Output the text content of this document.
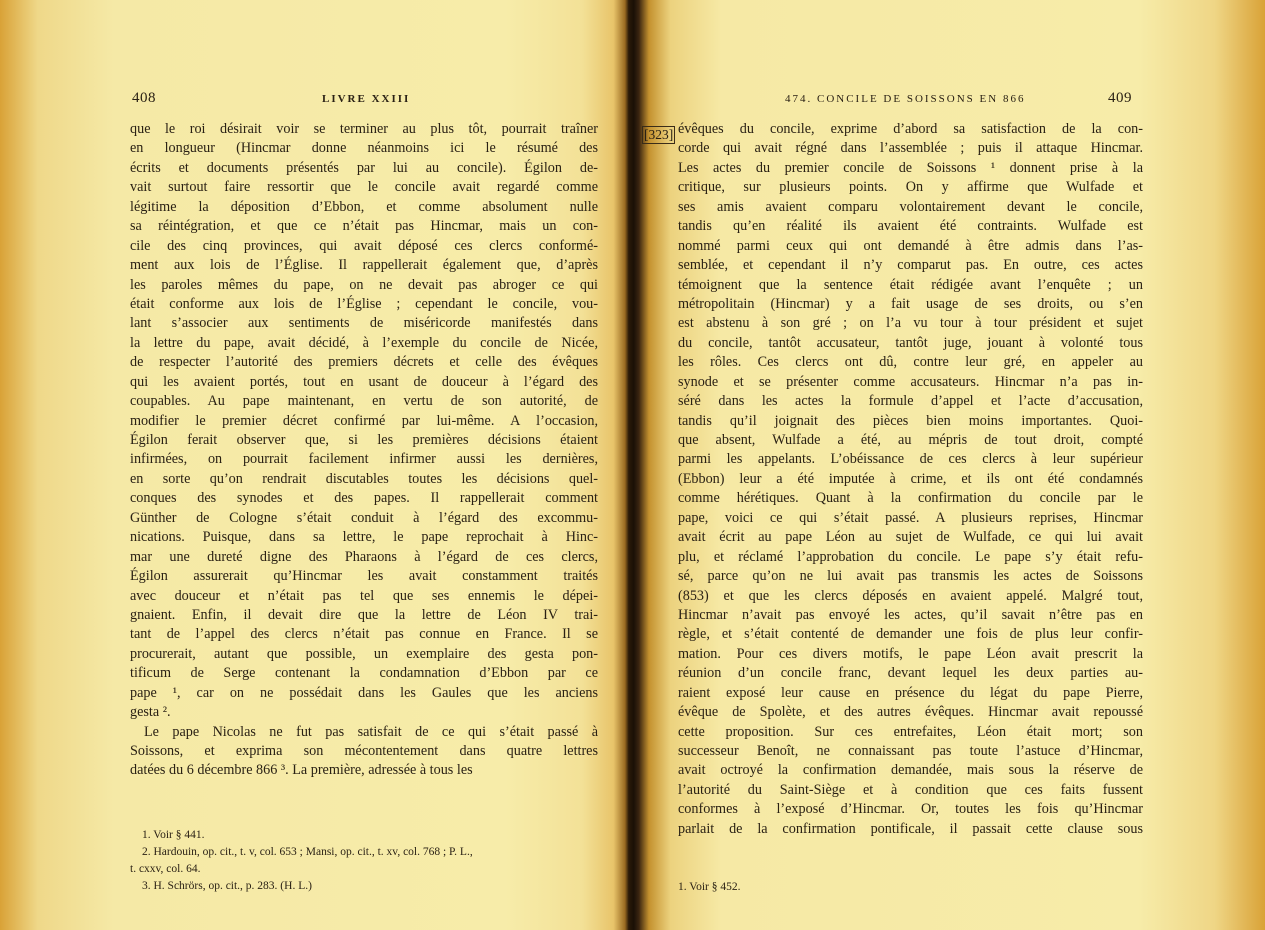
408	LIVRE XXIII
que le roi désirait voir se terminer au plus tôt, pourrait traîner
en longueur (Hincmar donne néanmoins ici le résumé des
écrits et documents présentés par lui au concile). Égilon de-
vait surtout faire ressortir que le concile avait regardé comme
légitime la déposition d’Ebbon, et comme absolument nulle
sa réintégration, et que ce n’était pas Hincmar, mais un con-
cile des cinq provinces, qui avait déposé ces clercs conformé-
ment aux lois de l’Église. Il rappellerait également que, d’après
les paroles mêmes du pape, on ne devait pas abroger ce qui
était conforme aux lois de l’Église ; cependant le concile, vou-
lant s’associer aux sentiments de miséricorde manifestés dans
la lettre du pape, avait décidé, à l’exemple du concile de Nicée,
de respecter l’autorité des premiers décrets et celle des évêques
qui les avaient portés, tout en usant de douceur à l’égard des
coupables. Au pape maintenant, en vertu de son autorité, de
modifier le premier décret confirmé par lui-même. A l’occasion,
Égilon ferait observer que, si les premières décisions étaient
infirmées, on pourrait facilement infirmer aussi les dernières,
en sorte qu’on rendrait discutables toutes les décisions quel-
conques des synodes et des papes. Il rappellerait comment
Günther de Cologne s’était conduit à l’égard des excommu-
nications. Puisque, dans sa lettre, le pape reprochait à Hinc-
mar une dureté digne des Pharaons à l’égard de ces clercs,
Égilon assurerait qu’Hincmar les avait constamment traités
avec douceur et n’était pas tel que ses ennemis le dépei-
gnaient. Enfin, il devait dire que la lettre de Léon IV trai-
tant de l’appel des clercs n’était pas connue en France. Il se
procurerait, autant que possible, un exemplaire des gesta pon-
tificum de Serge contenant la condamnation d’Ebbon par ce
pape ¹, car on ne possédait dans les Gaules que les anciens
gesta ².
Le pape Nicolas ne fut pas satisfait de ce qui s’était passé à
Soissons, et exprima son mécontentement dans quatre lettres
datées du 6 décembre 866 ³. La première, adressée à tous les
1. Voir § 441.
2. Hardouin, op. cit., t. v, col. 653 ; Mansi, op. cit., t. xv, col. 768 ; P. L.,
t. cxxv, col. 64.
3. H. Schrörs, op. cit., p. 283. (H. L.)
[323]
474. CONCILE DE SOISSONS EN 866	409
évêques du concile, exprime d’abord sa satisfaction de la con-
corde qui avait régné dans l’assemblée ; puis il attaque Hincmar.
Les actes du premier concile de Soissons ¹ donnent prise à la
critique, sur plusieurs points. On y affirme que Wulfade et
ses amis avaient comparu volontairement devant le concile,
tandis qu’en réalité ils avaient été contraints. Wulfade est
nommé parmi ceux qui ont demandé à être admis dans l’as-
semblée, et cependant il n’y comparut pas. En outre, ces actes
témoignent que la sentence était rédigée avant l’enquête ; un
métropolitain (Hincmar) y a fait usage de ses droits, ou s’en
est abstenu à son gré ; on l’a vu tour à tour président et sujet
du concile, tantôt accusateur, tantôt juge, jouant à volonté tous
les rôles. Ces clercs ont dû, contre leur gré, en appeler au
synode et se présenter comme accusateurs. Hincmar n’a pas in-
séré dans les actes la formule d’appel et l’acte d’accusation,
tandis qu’il joignait des pièces bien moins importantes. Quoi-
que absent, Wulfade a été, au mépris de tout droit, compté
parmi les appelants. L’obéissance de ces clercs à leur supérieur
(Ebbon) leur a été imputée à crime, et ils ont été condamnés
comme hérétiques. Quant à la confirmation du concile par le
pape, voici ce qui s’était passé. A plusieurs reprises, Hincmar
avait écrit au pape Léon au sujet de Wulfade, ce qui lui avait
plu, et réclamé l’approbation du concile. Le pape s’y était refu-
sé, parce qu’on ne lui avait pas transmis les actes de Soissons
(853) et que les clercs déposés en avaient appelé. Malgré tout,
Hincmar n’avait pas envoyé les actes, qu’il savait n’être pas en
règle, et s’était contenté de demander une fois de plus leur confir-
mation. Pour ces divers motifs, le pape Léon avait prescrit la
réunion d’un concile franc, devant lequel les deux parties au-
raient exposé leur cause en présence du légat du pape Pierre,
évêque de Spolète, et des autres évêques. Hincmar avait repoussé
cette proposition. Sur ces entrefaites, Léon était mort; son
successeur Benoît, ne connaissant pas toute l’astuce d’Hincmar,
avait octroyé la confirmation demandée, mais sous la réserve de
l’autorité du Saint-Siège et à condition que ces faits fussent
conformes à l’exposé d’Hincmar. Or, toutes les fois qu’Hincmar
parlait de la confirmation pontificale, il passait cette clause sous
1. Voir § 452.
